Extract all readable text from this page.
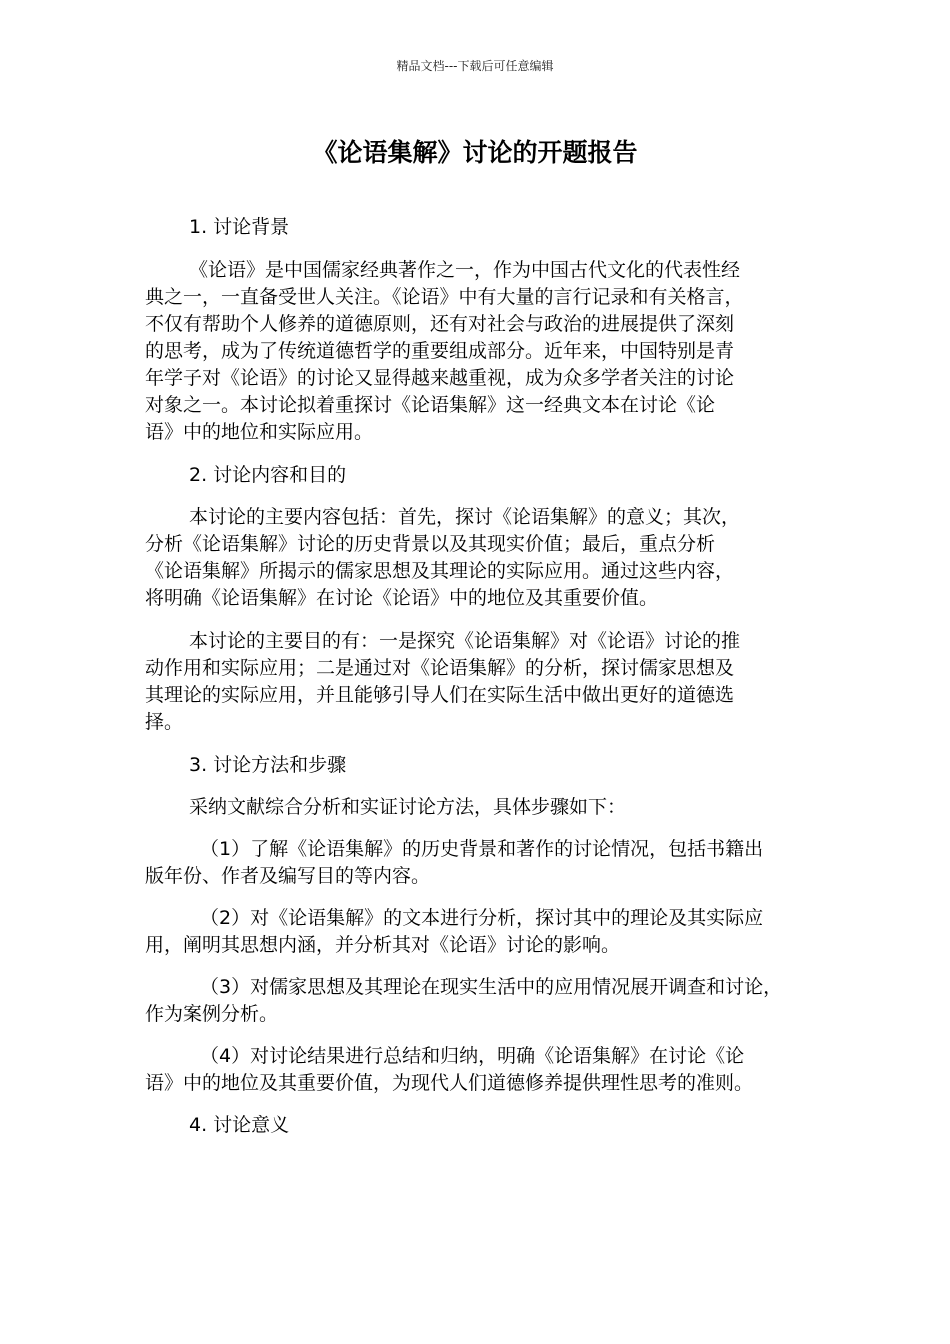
精品文档---下载后可任意编辑
《论语集解》讨论的开题报告

1. 讨论背景

《论语》是中国儒家经典著作之一，作为中国古代文化的代表性经
典之一，一直备受世人关注。《论语》中有大量的言行记录和有关格言，
不仅有帮助个人修养的道德原则，还有对社会与政治的进展提供了深刻
的思考，成为了传统道德哲学的重要组成部分。近年来，中国特别是青
年学子对《论语》的讨论又显得越来越重视，成为众多学者关注的讨论
对象之一。本讨论拟着重探讨《论语集解》这一经典文本在讨论《论
语》中的地位和实际应用。

2. 讨论内容和目的

本讨论的主要内容包括：首先，探讨《论语集解》的意义；其次，
分析《论语集解》讨论的历史背景以及其现实价值；最后，重点分析
《论语集解》所揭示的儒家思想及其理论的实际应用。通过这些内容，
将明确《论语集解》在讨论《论语》中的地位及其重要价值。

本讨论的主要目的有：一是探究《论语集解》对《论语》讨论的推
动作用和实际应用；二是通过对《论语集解》的分析，探讨儒家思想及
其理论的实际应用，并且能够引导人们在实际生活中做出更好的道德选
择。

3. 讨论方法和步骤

采纳文献综合分析和实证讨论方法，具体步骤如下：

（1）了解《论语集解》的历史背景和著作的讨论情况，包括书籍出
版年份、作者及编写目的等内容。

（2）对《论语集解》的文本进行分析，探讨其中的理论及其实际应
用，阐明其思想内涵，并分析其对《论语》讨论的影响。

（3）对儒家思想及其理论在现实生活中的应用情况展开调查和讨论，
作为案例分析。

（4）对讨论结果进行总结和归纳，明确《论语集解》在讨论《论
语》中的地位及其重要价值，为现代人们道德修养提供理性思考的准则。

4. 讨论意义
